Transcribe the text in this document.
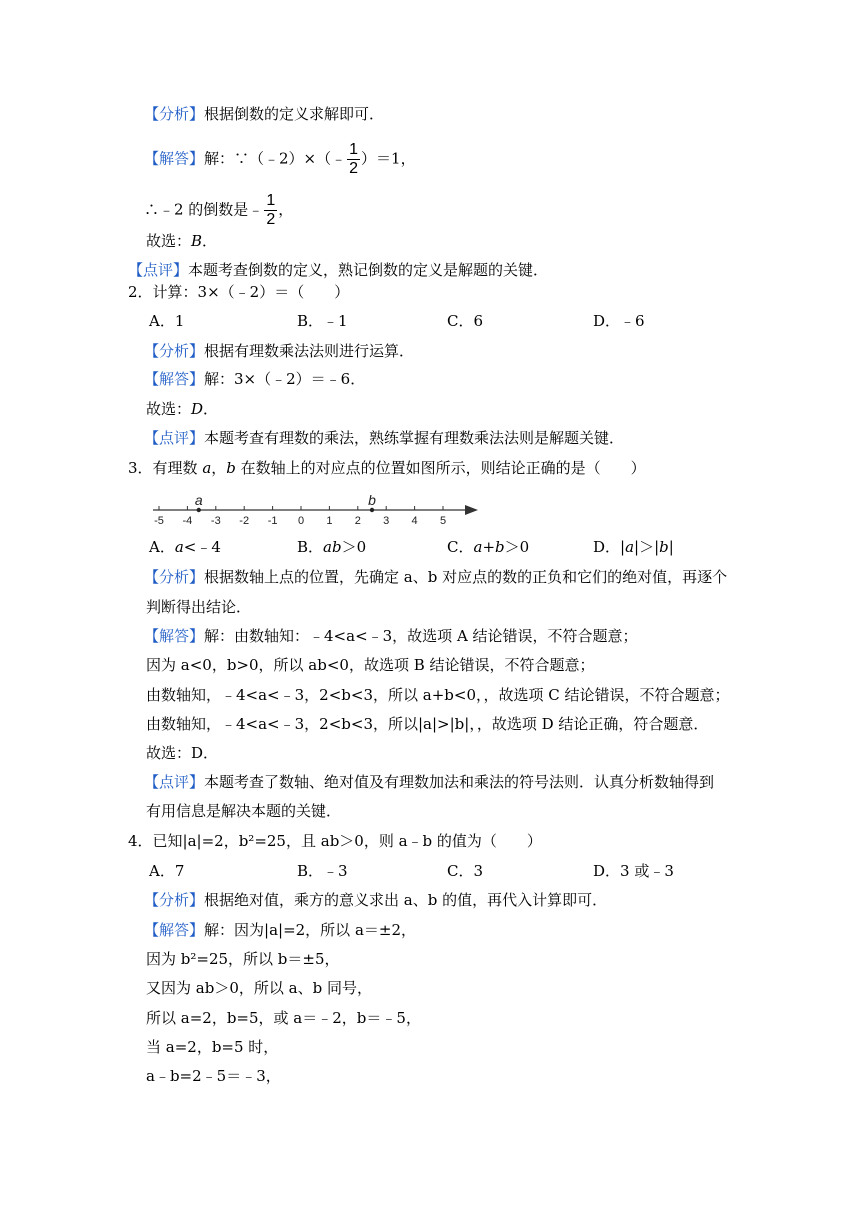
【分析】根据倒数的定义求解即可．
【解答】解：∵（﹣2）×（﹣ $\frac{1}{2} )=1$，
∴﹣2 的倒数是﹣ $\frac{1}{2}$ ，
故选：B．
【点评】本题考查倒数的定义，熟记倒数的定义是解题的关键．
2．计算：3×（﹣2）＝（　　）
A．1	B．﹣1	C．6	D．﹣6
【分析】根据有理数乘法法则进行运算．
【解答】解：3×（﹣2）＝﹣6．
故选：D．
【点评】本题考查有理数的乘法，熟练掌握有理数乘法法则是解题关键．
3．有理数 a，b 在数轴上的对应点的位置如图所示，则结论正确的是（　　）
-5 -4 -3 -2 -1 0 1 2 3 4 5
a	b
A．a<﹣4	B．ab＞0	C．a+b＞0	D．|a|＞|b|
【分析】根据数轴上点的位置，先确定 a、b 对应点的数的正负和它们的绝对值，再逐个
判断得出结论．
【解答】解：由数轴知：﹣4<a<﹣3，故选项 A 结论错误，不符合题意；
因为 a<0，b>0，所以 ab<0，故选项 B 结论错误，不符合题意；
由数轴知，﹣4<a<﹣3，2<b<3，所以 a+b<0，，故选项 C 结论错误，不符合题意；
由数轴知，﹣4<a<﹣3，2<b<3，所以|a|>|b|，，故选项 D 结论正确，符合题意．
故选：D．
【点评】本题考查了数轴、绝对值及有理数加法和乘法的符号法则．认真分析数轴得到
有用信息是解决本题的关键．
4．已知|a|=2，b²=25，且 ab＞0，则 a﹣b 的值为（　　）
A．7	B．﹣3	C．3	D．3 或﹣3
【分析】根据绝对值，乘方的意义求出 a、b 的值，再代入计算即可．
【解答】解：因为|a|=2，所以 a＝±2，
因为 b²=25，所以 b＝±5，
又因为 ab＞0，所以 a、b 同号，
所以 a=2，b=5，或 a＝﹣2，b＝﹣5，
当 a=2，b=5 时，
a﹣b=2﹣5＝﹣3，
